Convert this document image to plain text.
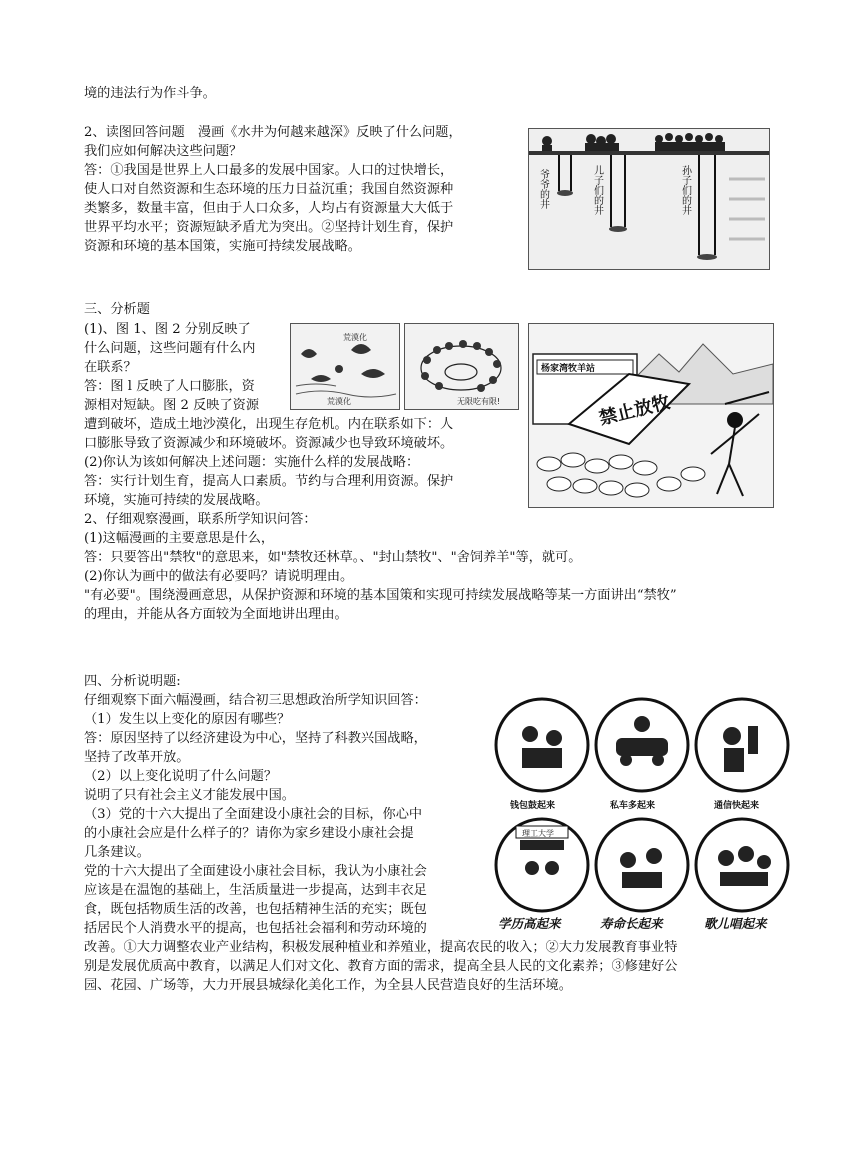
境的违法行为作斗争。

2、读图回答问题　漫画《水井为何越来越深》反映了什么问题，
我们应如何解决这些问题？
答：①我国是世界上人口最多的发展中国家。人口的过快增长，
使人口对自然资源和生态环境的压力日益沉重；我国自然资源种
类繁多，数量丰富，但由于人口众多，人均占有资源量大大低于
世界平均水平；资源短缺矛盾尤为突出。②坚持计划生育，保护
资源和环境的基本国策，实施可持续发展战略。

爷爷的井	儿子们的井	孙子们的井

三、分析题

(1)、图 1、图 2 分别反映了
什么问题，这些问题有什么内
在联系？
答：图 l 反映了人口膨胀，资
源相对短缺。图 2 反映了资源
遭到破坏，造成土地沙漠化，出现生存危机。内在联系如下：人
口膨胀导致了资源减少和环境破坏。资源减少也导致环境破坏。
(2)你认为该如何解决上述问题：实施什么样的发展战略：
答：实行计划生育，提高人口素质。节约与合理利用资源。保护
环境，实施可持续的发展战略。
2、仔细观察漫画，联系所学知识问答：
(1)这幅漫画的主要意思是什么，
答：只要答出"禁牧"的意思来，如"禁牧还林草。、"封山禁牧"、"舍饲养羊"等，就可。
(2)你认为画中的做法有必要吗？请说明理由。
"有必要"。围绕漫画意思，从保护资源和环境的基本国策和实现可持续发展战略等某一方面讲出“禁牧”
的理由，并能从各方面较为全面地讲出理由。

荒漠化
荒漠化	无限吃有限!
杨家湾牧羊站
禁止放牧

四、分析说明题:

仔细观察下面六幅漫画，结合初三思想政治所学知识回答：
（1）发生以上变化的原因有哪些？
答：原因坚持了以经济建设为中心，坚持了科教兴国战略，
坚持了改革开放。
（2）以上变化说明了什么问题？
说明了只有社会主义才能发展中国。
（3）党的十六大提出了全面建设小康社会的目标，你心中
的小康社会应是什么样子的？请你为家乡建设小康社会提
几条建议。
党的十六大提出了全面建设小康社会目标，我认为小康社会
应该是在温饱的基础上，生活质量进一步提高，达到丰衣足
食，既包括物质生活的改善，也包括精神生活的充实；既包
括居民个人消费水平的提高，也包括社会福利和劳动环境的
改善。①大力调整农业产业结构，积极发展种植业和养殖业，提高农民的收入；②大力发展教育事业特
别是发展优质高中教育，以满足人们对文化、教育方面的需求，提高全县人民的文化素养；③修建好公
园、花园、广场等，大力开展县城绿化美化工作，为全县人民营造良好的生活环境。

理工大学
钱包鼓起来	私车多起来	通信快起来
学历高起来	寿命长起来	歌儿唱起来
